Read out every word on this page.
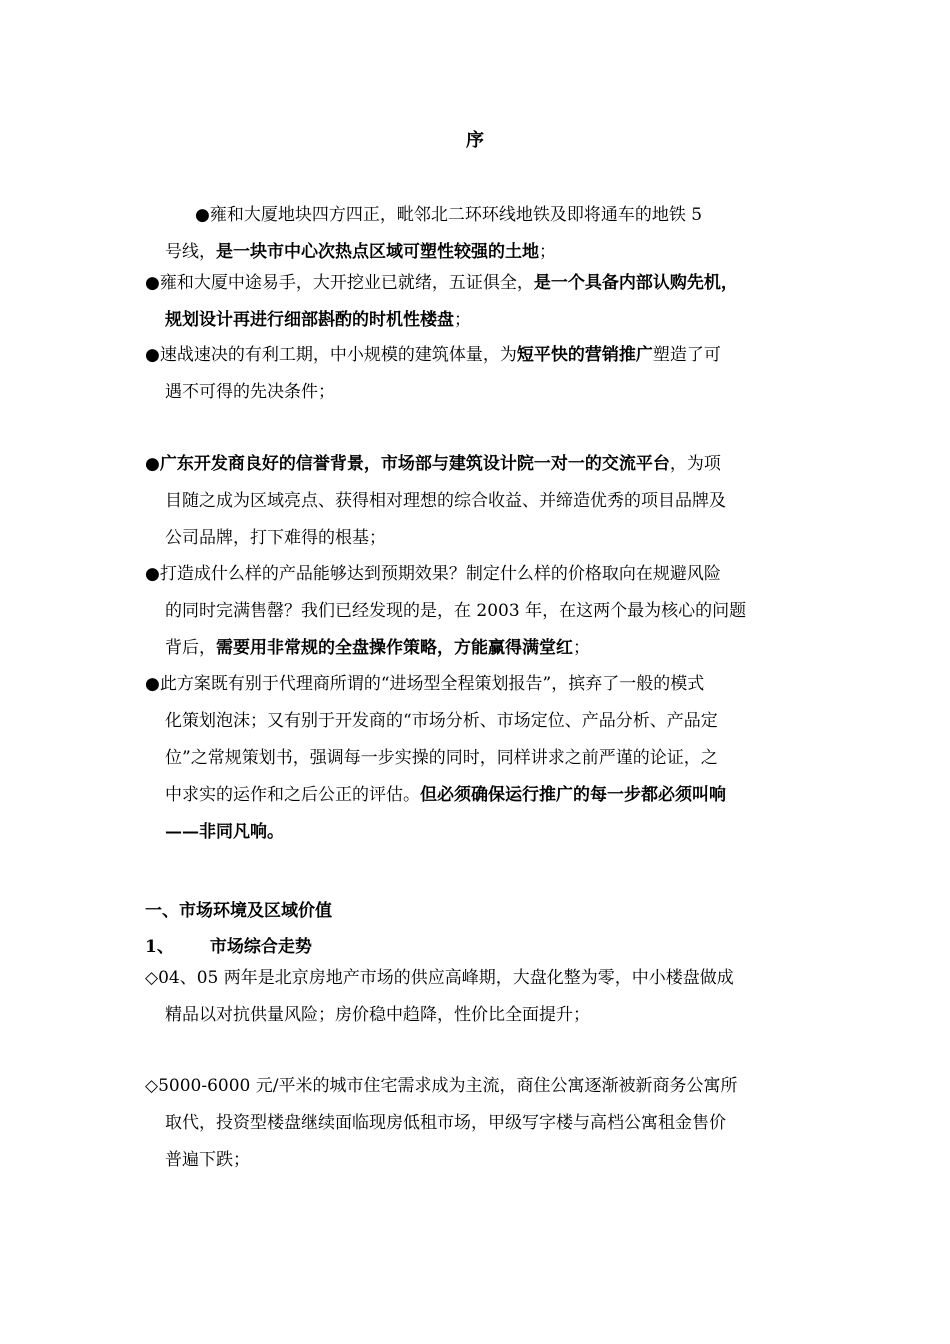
序
●雍和大厦地块四方四正，毗邻北二环环线地铁及即将通车的地铁 5
号线，是一块市中心次热点区域可塑性较强的土地；
●雍和大厦中途易手，大开挖业已就绪，五证俱全，是一个具备内部认购先机，
规划设计再进行细部斟酌的时机性楼盘；
●速战速决的有利工期，中小规模的建筑体量，为短平快的营销推广塑造了可
遇不可得的先决条件；
●广东开发商良好的信誉背景，市场部与建筑设计院一对一的交流平台，为项
目随之成为区域亮点、获得相对理想的综合收益、并缔造优秀的项目品牌及
公司品牌，打下难得的根基；
●打造成什么样的产品能够达到预期效果？制定什么样的价格取向在规避风险
的同时完满售罄？我们已经发现的是，在 2003 年，在这两个最为核心的问题
背后，需要用非常规的全盘操作策略，方能赢得满堂红；
●此方案既有别于代理商所谓的“进场型全程策划报告”，摈弃了一般的模式
化策划泡沫；又有别于开发商的“市场分析、市场定位、产品分析、产品定
位”之常规策划书，强调每一步实操的同时，同样讲求之前严谨的论证，之
中求实的运作和之后公正的评估。但必须确保运行推广的每一步都必须叫响
——非同凡响。
一、市场环境及区域价值
1、 市场综合走势
◇04、05 两年是北京房地产市场的供应高峰期，大盘化整为零，中小楼盘做成
精品以对抗供量风险；房价稳中趋降，性价比全面提升；
◇5000-6000 元/平米的城市住宅需求成为主流，商住公寓逐渐被新商务公寓所
取代，投资型楼盘继续面临现房低租市场，甲级写字楼与高档公寓租金售价
普遍下跌；
